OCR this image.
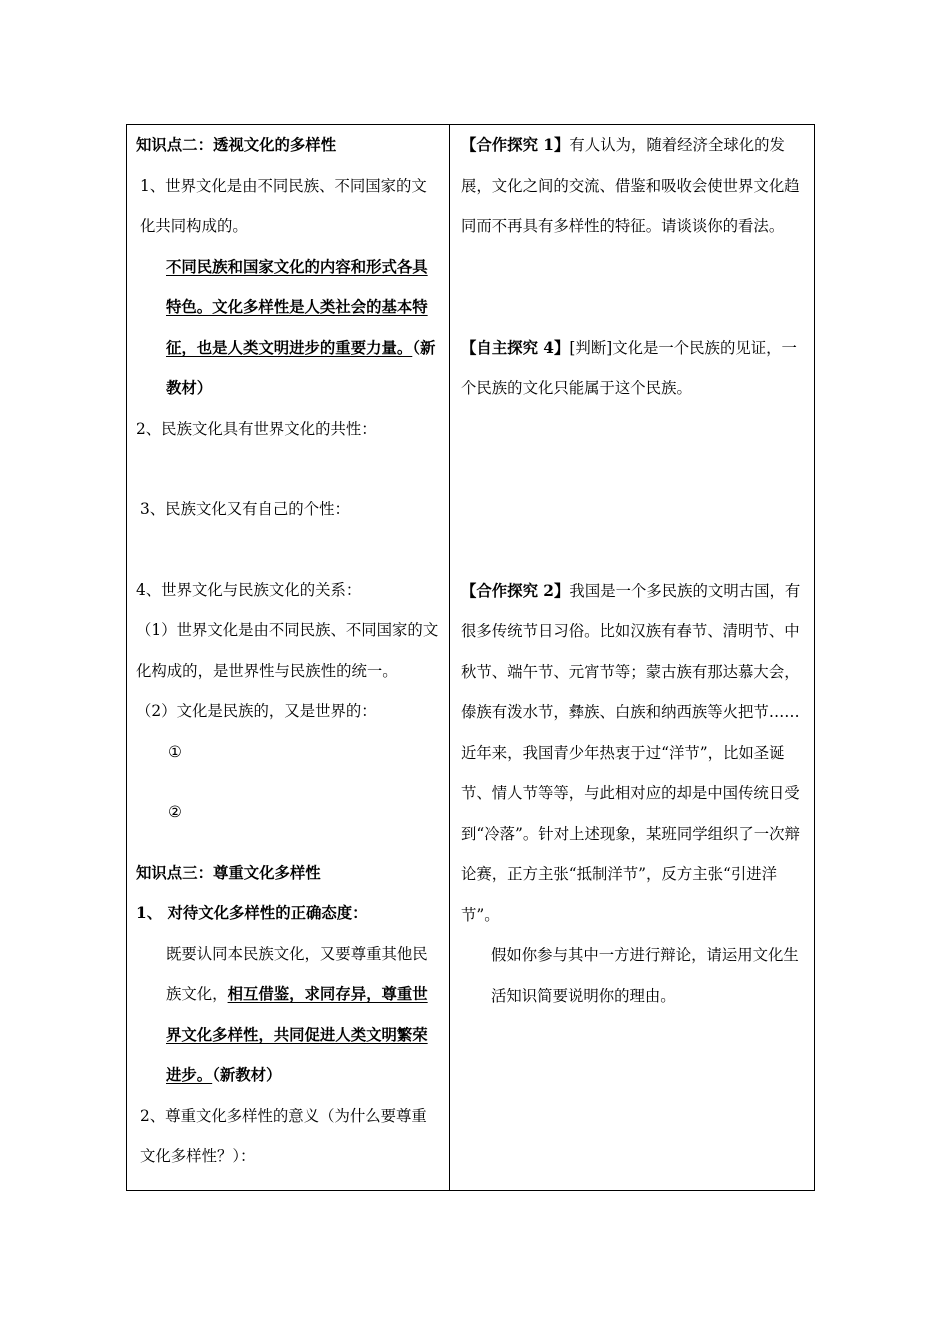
知识点二：透视文化的多样性

1、世界文化是由不同民族、不同国家的文化共同构成的。

不同民族和国家文化的内容和形式各具特色。文化多样性是人类社会的基本特征，也是人类文明进步的重要力量。（新教材）

2、民族文化具有世界文化的共性：

3、民族文化又有自己的个性：

4、世界文化与民族文化的关系：

（1）世界文化是由不同民族、不同国家的文化构成的，是世界性与民族性的统一。

（2）文化是民族的，又是世界的：

①

②

知识点三：尊重文化多样性

1、 对待文化多样性的正确态度：

既要认同本民族文化，又要尊重其他民族文化，相互借鉴，求同存异，尊重世界文化多样性，共同促进人类文明繁荣进步。（新教材）

2、尊重文化多样性的意义（为什么要尊重文化多样性？）：

【合作探究 1】有人认为，随着经济全球化的发展，文化之间的交流、借鉴和吸收会使世界文化趋同而不再具有多样性的特征。请谈谈你的看法。

【自主探究 4】[判断]文化是一个民族的见证，一个民族的文化只能属于这个民族。

【合作探究 2】我国是一个多民族的文明古国，有很多传统节日习俗。比如汉族有春节、清明节、中秋节、端午节、元宵节等；蒙古族有那达慕大会，傣族有泼水节，彝族、白族和纳西族等火把节……近年来，我国青少年热衷于过“洋节”，比如圣诞节、情人节等等，与此相对应的却是中国传统日受到“冷落”。针对上述现象，某班同学组织了一次辩论赛，正方主张“抵制洋节”，反方主张“引进洋节”。

假如你参与其中一方进行辩论，请运用文化生活知识简要说明你的理由。
